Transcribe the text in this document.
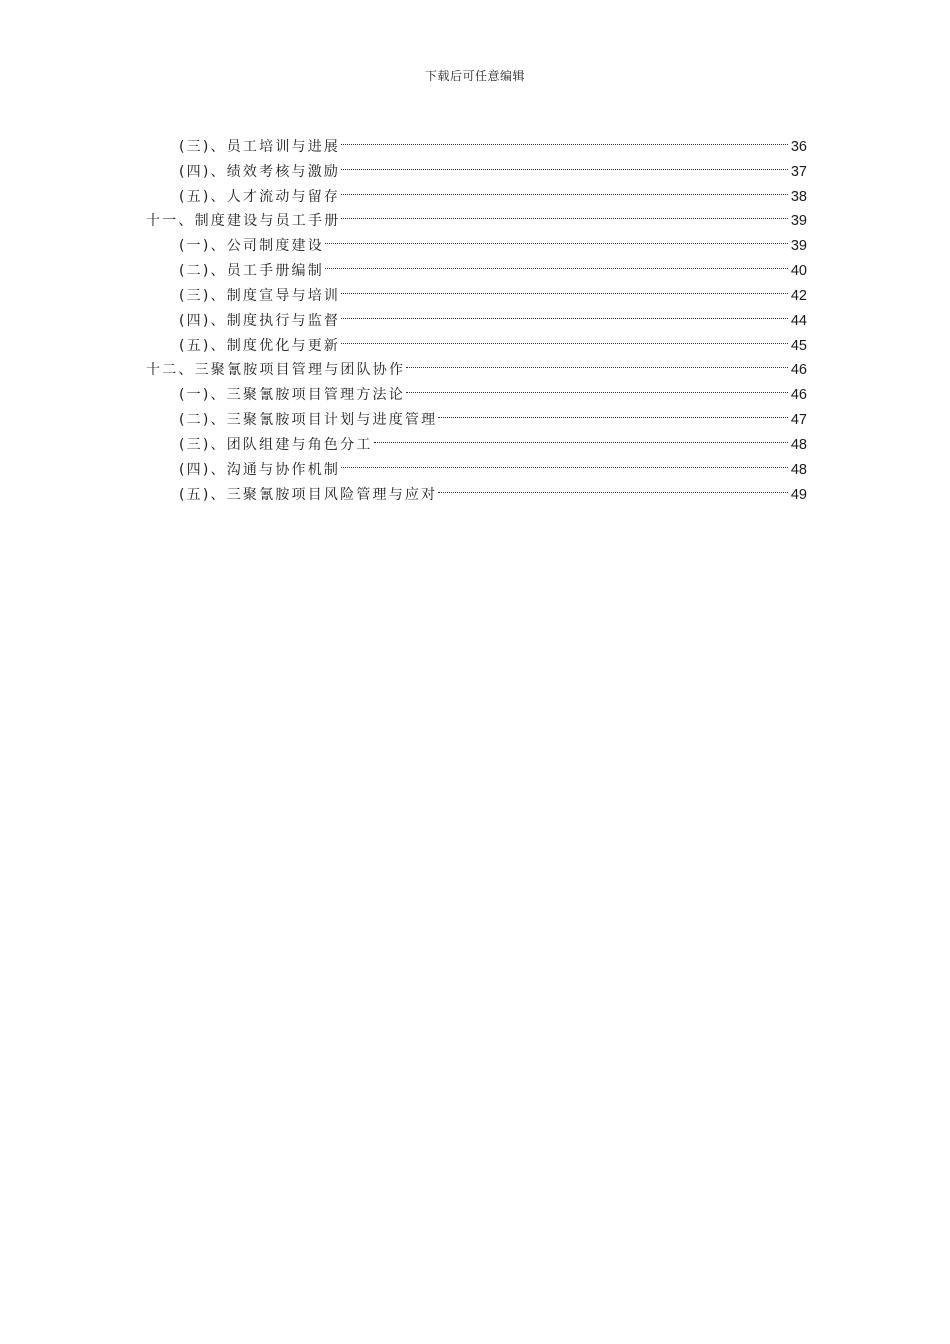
下载后可任意编辑
(三)、员工培训与进展	36
(四)、绩效考核与激励	37
(五)、人才流动与留存	38
十一、制度建设与员工手册	39
(一)、公司制度建设	39
(二)、员工手册编制	40
(三)、制度宣导与培训	42
(四)、制度执行与监督	44
(五)、制度优化与更新	45
十二、三聚氰胺项目管理与团队协作	46
(一)、三聚氰胺项目管理方法论	46
(二)、三聚氰胺项目计划与进度管理	47
(三)、团队组建与角色分工	48
(四)、沟通与协作机制	48
(五)、三聚氰胺项目风险管理与应对	49
